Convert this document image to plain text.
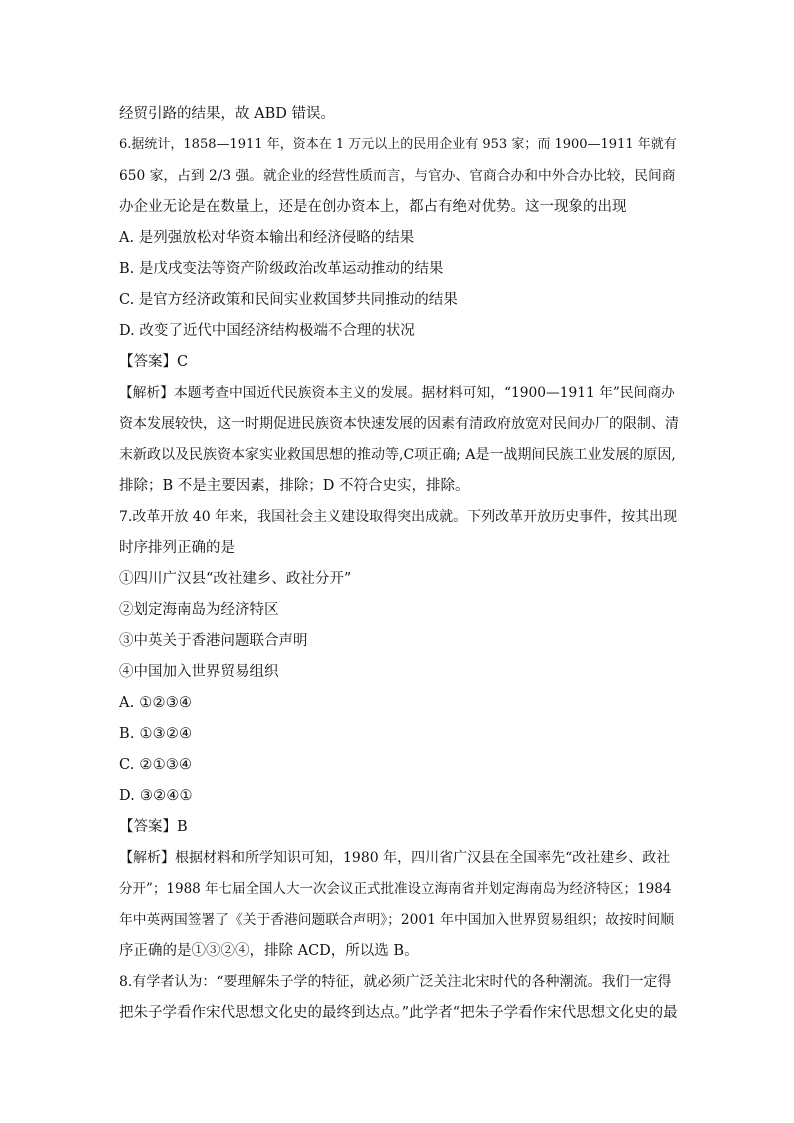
经贸引路的结果，故 ABD 错误。
6.据统计，1858—1911 年，资本在 1 万元以上的民用企业有 953 家；而 1900—1911 年就有
650 家，占到 2/3 强。就企业的经营性质而言，与官办、官商合办和中外合办比较，民间商
办企业无论是在数量上，还是在创办资本上，都占有绝对优势。这一现象的出现
A. 是列强放松对华资本输出和经济侵略的结果
B. 是戊戌变法等资产阶级政治改革运动推动的结果
C. 是官方经济政策和民间实业救国梦共同推动的结果
D. 改变了近代中国经济结构极端不合理的状况
【答案】C
【解析】本题考查中国近代民族资本主义的发展。据材料可知，“1900—1911 年”民间商办
资本发展较快，这一时期促进民族资本快速发展的因素有清政府放宽对民间办厂的限制、清
末新政以及民族资本家实业救国思想的推动等,C项正确; A是一战期间民族工业发展的原因,
排除；B 不是主要因素，排除；D 不符合史实，排除。
7.改革开放 40 年来，我国社会主义建设取得突出成就。下列改革开放历史事件，按其出现
时序排列正确的是
①四川广汉县“改社建乡、政社分开”
②划定海南岛为经济特区
③中英关于香港问题联合声明
④中国加入世界贸易组织
A. ①②③④
B. ①③②④
C. ②①③④
D. ③②④①
【答案】B
【解析】根据材料和所学知识可知，1980 年，四川省广汉县在全国率先“改社建乡、政社
分开”；1988 年七届全国人大一次会议正式批准设立海南省并划定海南岛为经济特区；1984
年中英两国签署了《关于香港问题联合声明》；2001 年中国加入世界贸易组织；故按时间顺
序正确的是①③②④，排除 ACD，所以选 B。
8.有学者认为：“要理解朱子学的特征，就必须广泛关注北宋时代的各种潮流。我们一定得
把朱子学看作宋代思想文化史的最终到达点。”此学者“把朱子学看作宋代思想文化史的最
